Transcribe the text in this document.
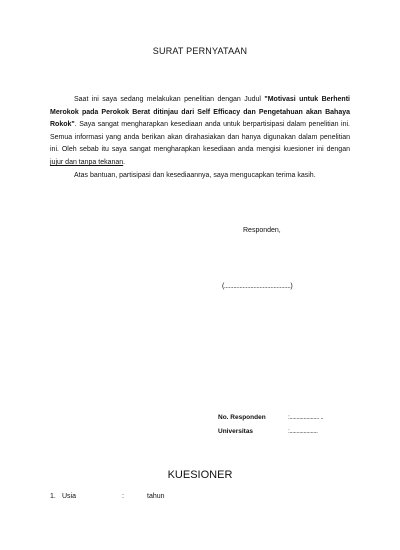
SURAT PERNYATAAN

Saat ini saya sedang melakukan penelitian dengan Judul "Motivasi untuk Berhenti Merokok pada Perokok Berat ditinjau dari Self Efficacy dan Pengetahuan akan Bahaya Rokok". Saya sangat mengharapkan kesediaan anda untuk berpartisipasi dalam penelitian ini. Semua informasi yang anda berikan akan dirahasiakan dan hanya digunakan dalam penelitian ini. Oleh sebab itu saya sangat mengharapkan kesediaan anda mengisi kuesioner ini dengan jujur dan tanpa tekanan.

Atas bantuan, partisipasi dan kesediaannya, saya mengucapkan terima kasih.

Responden,
(...........................................)
No. Responden	:..................... ..
Universitas	:....................
KUESIONER
1. Usia	:	tahun
